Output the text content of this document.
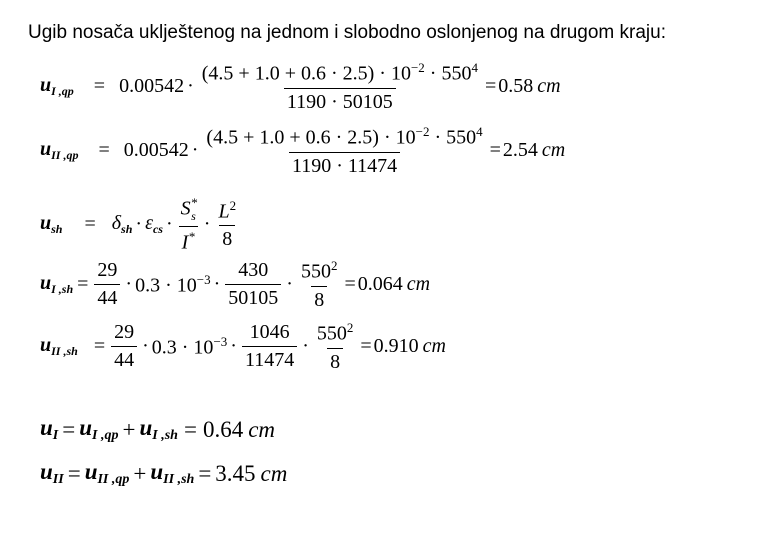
Ugib nosača uklještenog na jednom i slobodno oslonjenog na drugom kraju:
$u_{I ,qp} = 0.00542 \cdot \frac{(4.5 + 1.0 + 0.6 \cdot 2.5) \cdot 10^{-2} \cdot 550^4}{1190 \cdot 50105} = 0.58$ cm
$u_{II ,qp} = 0.00542 \cdot \frac{(4.5 + 1.0 + 0.6 \cdot 2.5) \cdot 10^{-2} \cdot 550^4}{1190 \cdot 11474} = 2.54$ cm
$u_{sh} = \delta_{sh} \cdot \varepsilon_{cs} \cdot \frac{S^*_s}{I^*} \cdot \frac{L^2}{8}$
$u_{I ,sh} = \frac{29}{44} \cdot 0.3 \cdot 10^{-3} \cdot \frac{430}{50105} \cdot \frac{550^2}{8} = 0.064$ cm
$u_{II ,sh} = \frac{29}{44} \cdot 0.3 \cdot 10^{-3} \cdot \frac{1046}{11474} \cdot \frac{550^2}{8} = 0.910$ cm
$u_I = u_{I ,qp} + u_{I ,sh} = 0.64$ cm
$u_{II} = u_{II ,qp} + u_{II ,sh} = 3.45$ cm
